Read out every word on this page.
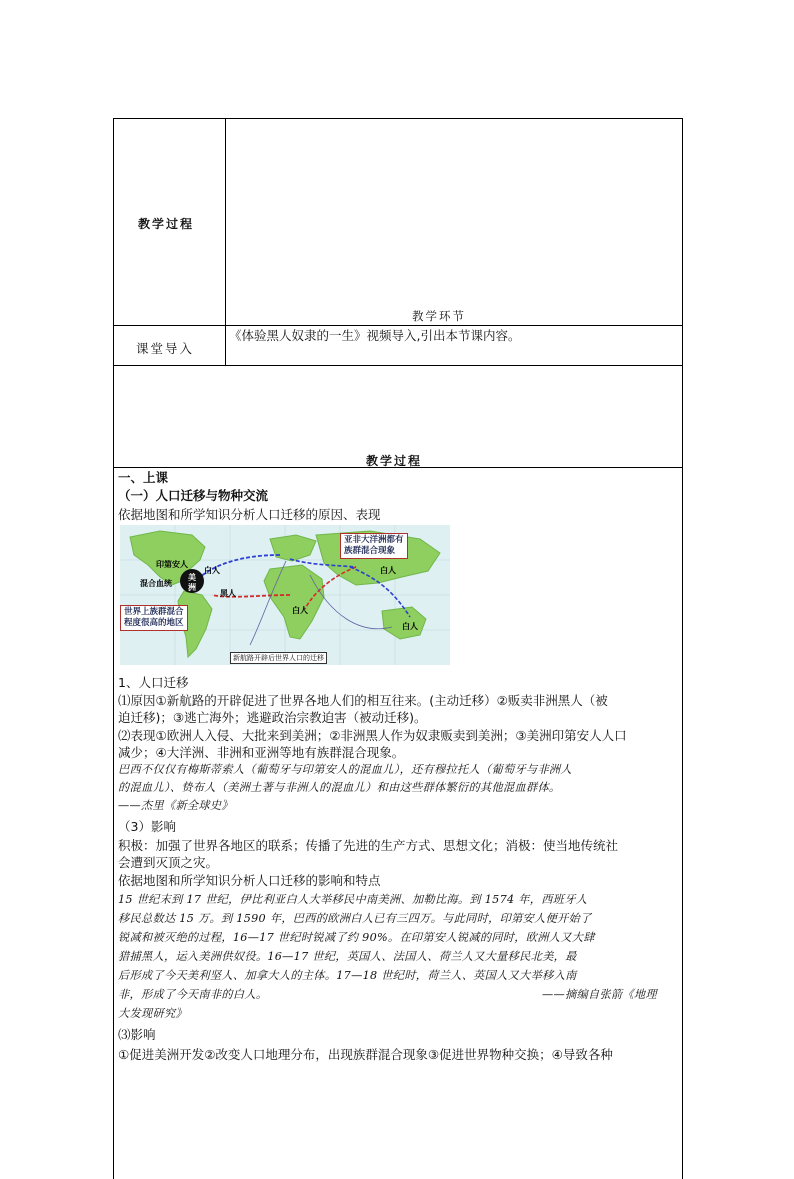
教学过程
教学环节
课堂导入
《体验黑人奴隶的一生》视频导入,引出本节课内容。
教学过程
一、上课
（一）人口迁移与物种交流
依据地图和所学知识分析人口迁移的原因、表现
美
洲
印第安人
混合血统
白人
黑人
白人
白人
白人
亚非大洋洲都有
族群混合现象
世界上族群混合
程度很高的地区
新航路开辟后世界人口的迁移
1、人口迁移
⑴原因①新航路的开辟促进了世界各地人们的相互往来。(主动迁移）②贩卖非洲黑人（被
迫迁移)；③逃亡海外；逃避政治宗教迫害（被动迁移)。
⑵表现①欧洲人入侵、大批来到美洲；②非洲黑人作为奴隶贩卖到美洲；③美洲印第安人人口
减少；④大洋洲、非洲和亚洲等地有族群混合现象。
巴西不仅仅有梅斯蒂索人（葡萄牙与印第安人的混血儿），还有穆拉托人（葡萄牙与非洲人
的混血儿）、贽布人（美洲土著与非洲人的混血儿）和由这些群体繁衍的其他混血群体。
——杰里《新全球史》
（3）影响
积极：加强了世界各地区的联系；传播了先进的生产方式、思想文化；消极：使当地传统社
会遭到灭顶之灾。
依据地图和所学知识分析人口迁移的影响和特点
15 世纪末到 17 世纪，伊比利亚白人大举移民中南美洲、加勒比海。到 1574 年，西班牙人
移民总数达 15 万。到 1590 年，巴西的欧洲白人已有三四万。与此同时，印第安人便开始了
锐减和被灭绝的过程，16—17 世纪时锐减了约 90%。在印第安人锐减的同时，欧洲人又大肆
猎捕黑人，运入美洲供奴役。16—17 世纪，英国人、法国人、荷兰人又大量移民北美，最
后形成了今天美利坚人、加拿大人的主体。17—18 世纪时，荷兰人、英国人又大举移入南
非，形成了今天南非的白人。	——摘编自张箭《地理
大发现研究》
⑶影响
①促进美洲开发②改变人口地理分布，出现族群混合现象③促进世界物种交换；④导致各种
